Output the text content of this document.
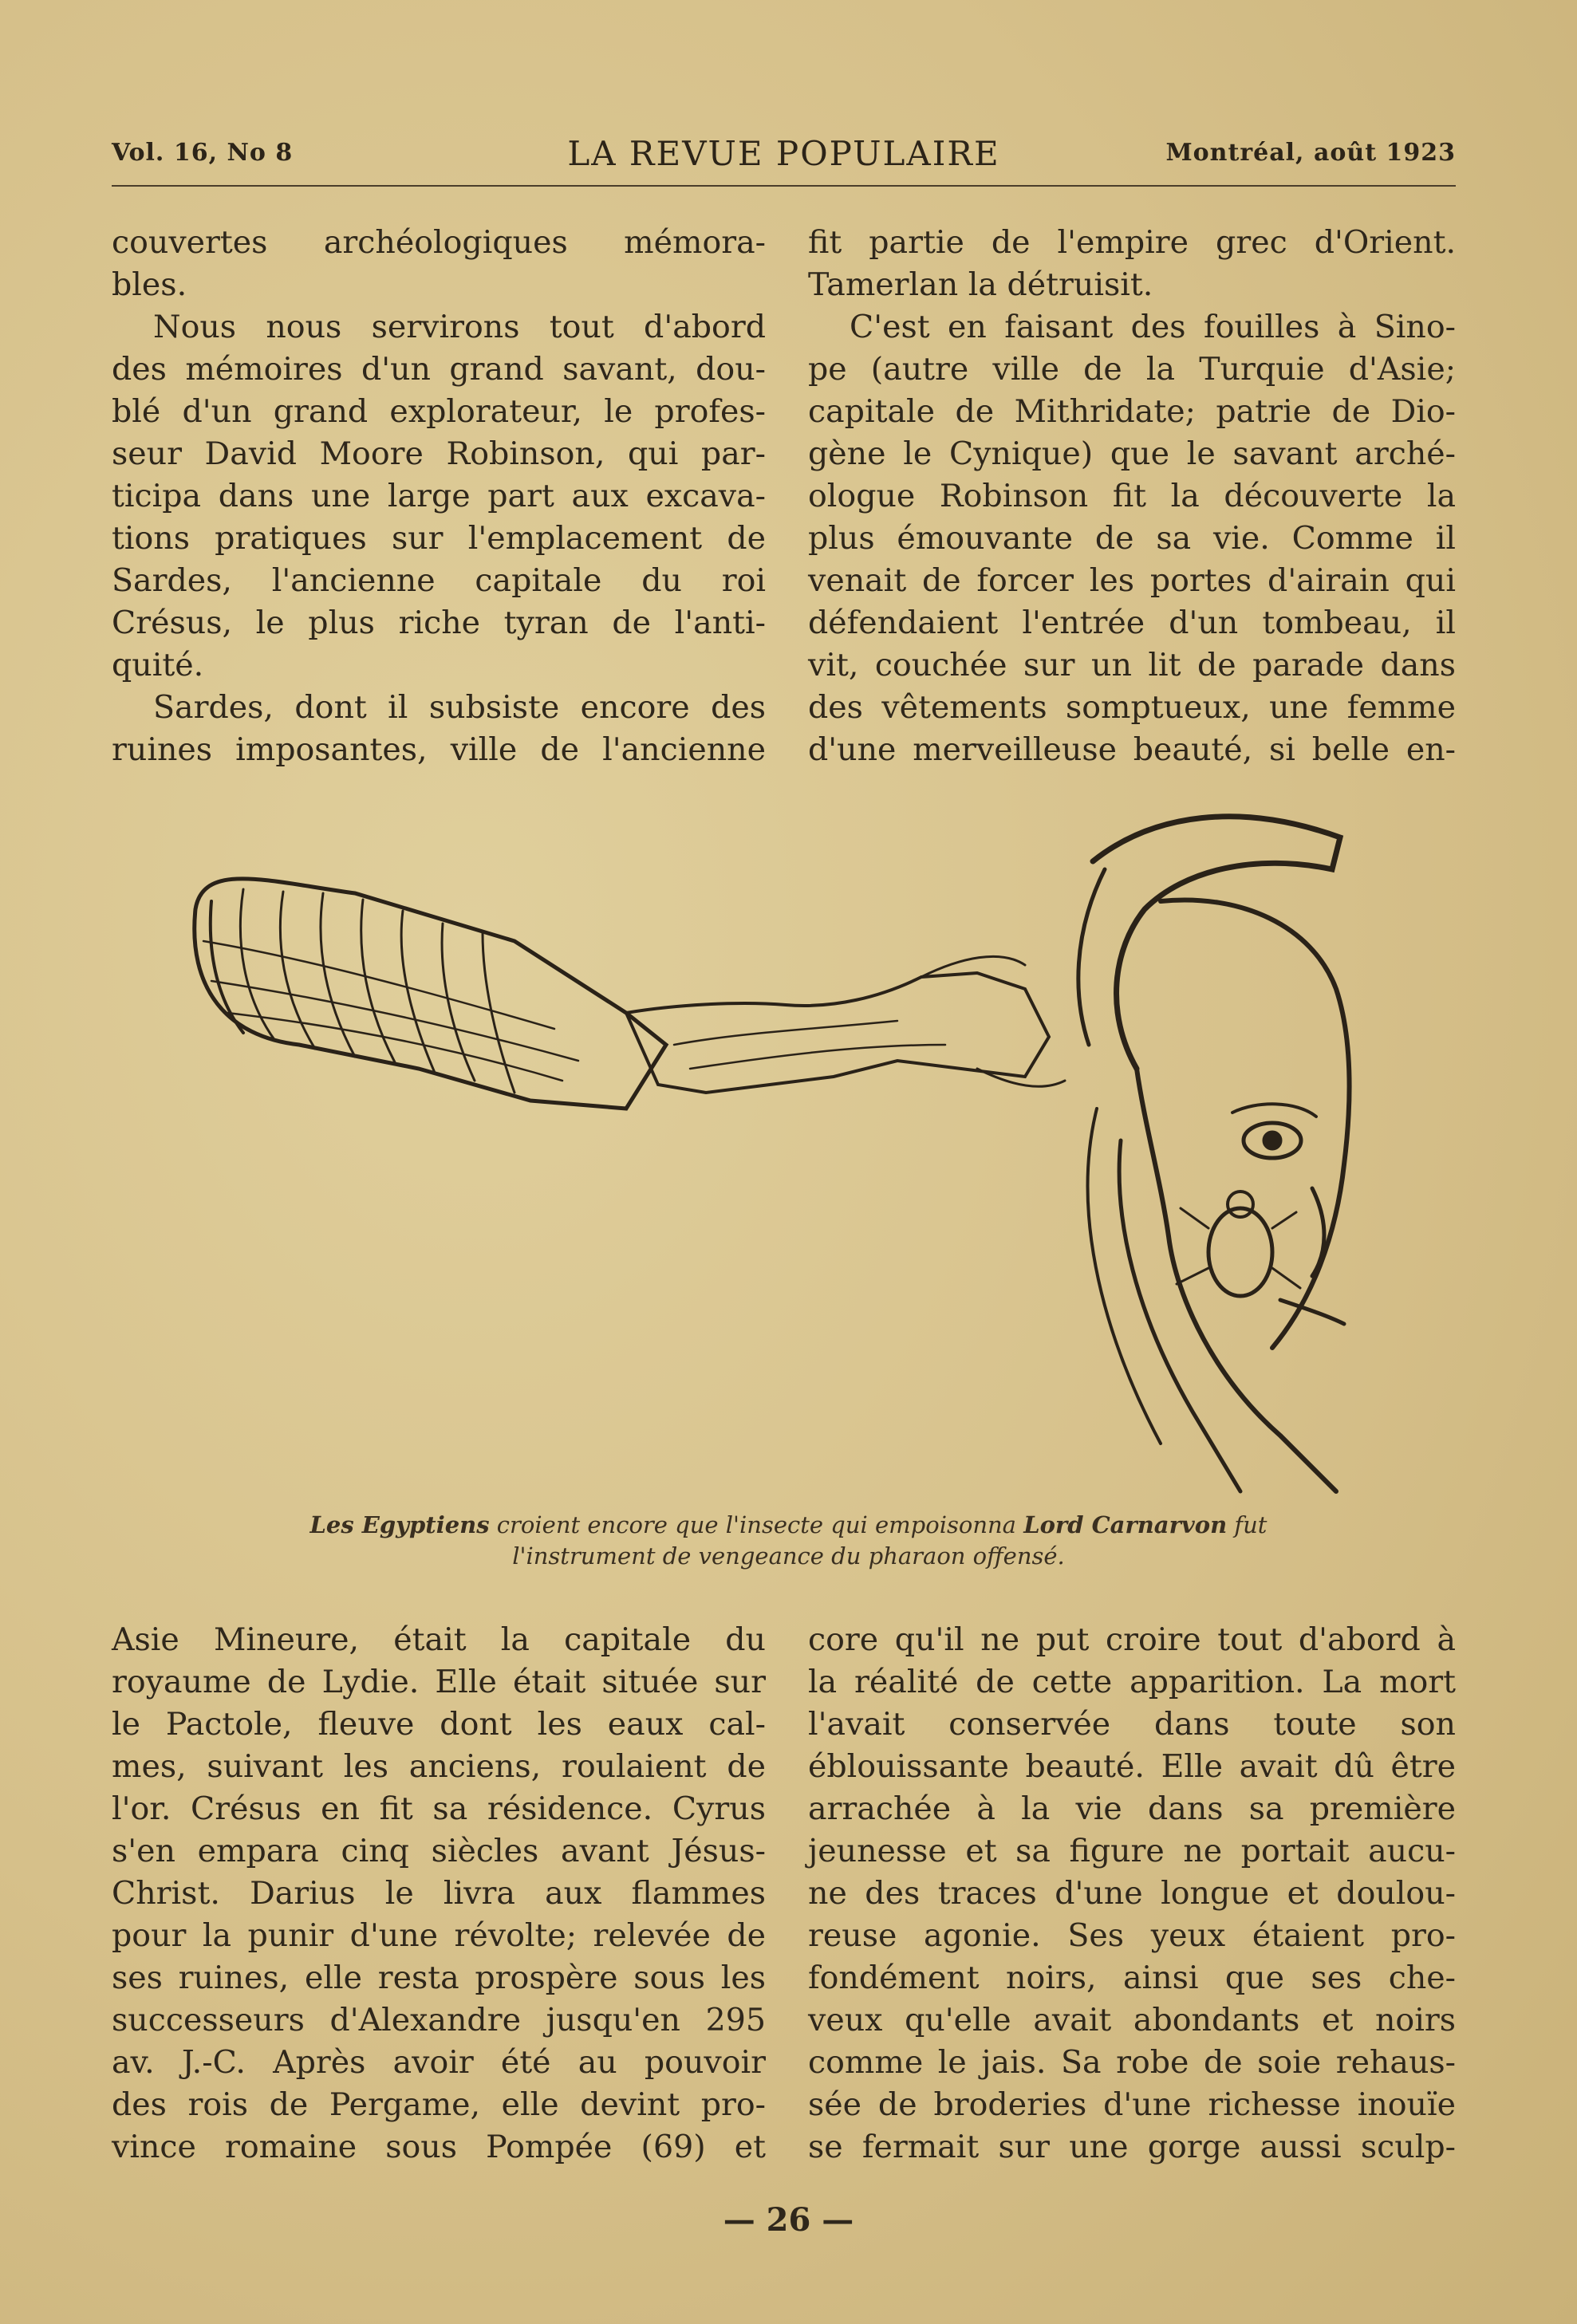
Vol. 16, No 8	LA REVUE POPULAIRE	Montréal, août 1923
couvertes archéologiques mémora-
bles.
Nous nous servirons tout d'abord
des mémoires d'un grand savant, dou-
blé d'un grand explorateur, le profes-
seur David Moore Robinson, qui par-
ticipa dans une large part aux excava-
tions pratiques sur l'emplacement de
Sardes, l'ancienne capitale du roi
Crésus, le plus riche tyran de l'anti-
quité.
Sardes, dont il subsiste encore des
ruines imposantes, ville de l'ancienne
fit partie de l'empire grec d'Orient.
Tamerlan la détruisit.
C'est en faisant des fouilles à Sino-
pe (autre ville de la Turquie d'Asie;
capitale de Mithridate; patrie de Dio-
gène le Cynique) que le savant arché-
ologue Robinson fit la découverte la
plus émouvante de sa vie. Comme il
venait de forcer les portes d'airain qui
défendaient l'entrée d'un tombeau, il
vit, couchée sur un lit de parade dans
des vêtements somptueux, une femme
d'une merveilleuse beauté, si belle en-
Les Egyptiens croient encore que l'insecte qui empoisonna Lord Carnarvon fut
l'instrument de vengeance du pharaon offensé.
Asie Mineure, était la capitale du
royaume de Lydie. Elle était située sur
le Pactole, fleuve dont les eaux cal-
mes, suivant les anciens, roulaient de
l'or. Crésus en fit sa résidence. Cyrus
s'en empara cinq siècles avant Jésus-
Christ. Darius le livra aux flammes
pour la punir d'une révolte; relevée de
ses ruines, elle resta prospère sous les
successeurs d'Alexandre jusqu'en 295
av. J.-C. Après avoir été au pouvoir
des rois de Pergame, elle devint pro-
vince romaine sous Pompée (69) et
core qu'il ne put croire tout d'abord à
la réalité de cette apparition. La mort
l'avait conservée dans toute son
éblouissante beauté. Elle avait dû être
arrachée à la vie dans sa première
jeunesse et sa figure ne portait aucu-
ne des traces d'une longue et doulou-
reuse agonie. Ses yeux étaient pro-
fondément noirs, ainsi que ses che-
veux qu'elle avait abondants et noirs
comme le jais. Sa robe de soie rehaus-
sée de broderies d'une richesse inouïe
se fermait sur une gorge aussi sculp-
— 26 —
